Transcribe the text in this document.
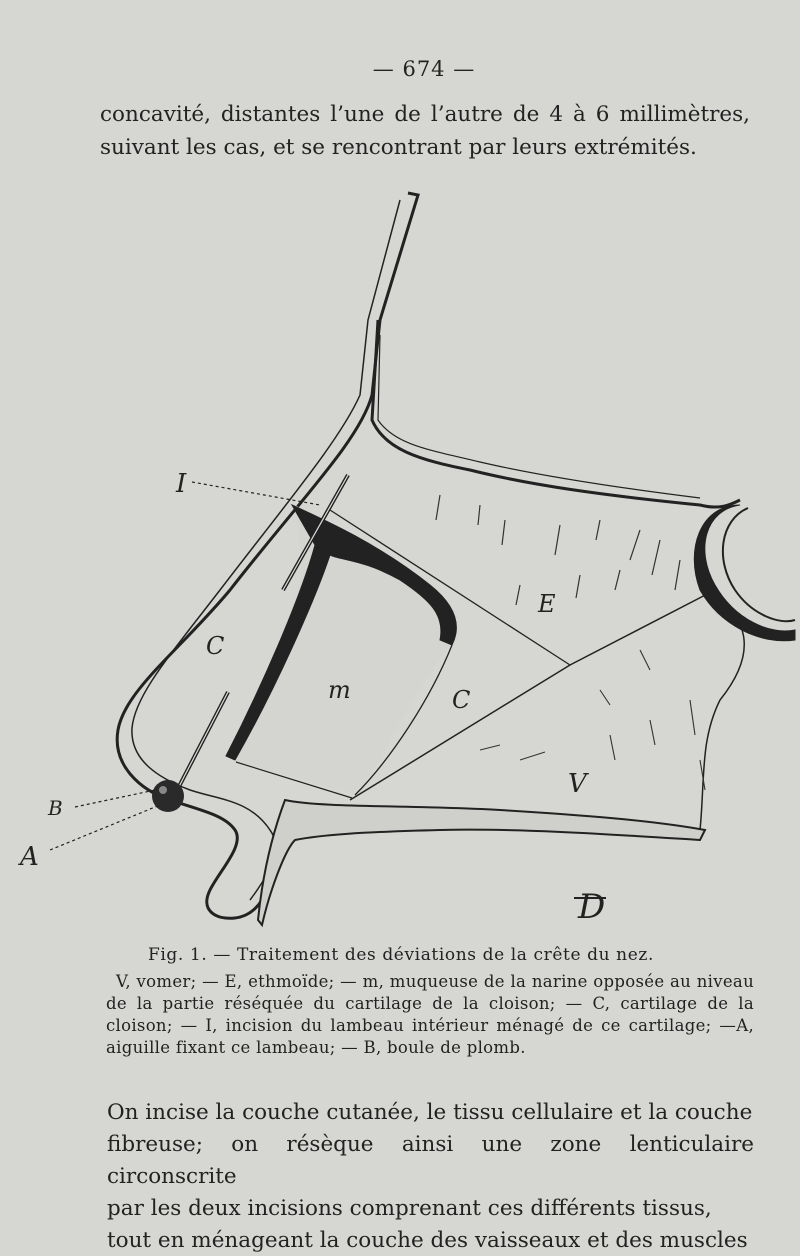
— 674 —
concavité, distantes l’une de l’autre de 4 à 6 millimètres, suivant les cas, et se rencontrant par leurs extrémités.
I
C
m	C
E
V
B
A
D
Fig. 1. — Traitement des déviations de la crête du nez.
V, vomer; — E, ethmoïde; — m, muqueuse de la narine opposée au niveau de la partie réséquée du cartilage de la cloison; — C, cartilage de la cloison; — I, incision du lambeau intérieur ménagé de ce cartilage; —A, aiguille fixant ce lambeau; — B, boule de plomb.
On incise la couche cutanée, le tissu cellulaire et la couche
fibreuse; on résèque ainsi une zone lenticulaire circonscrite
par les deux incisions comprenant ces différents tissus,
tout en ménageant la couche des vaisseaux et des muscles
